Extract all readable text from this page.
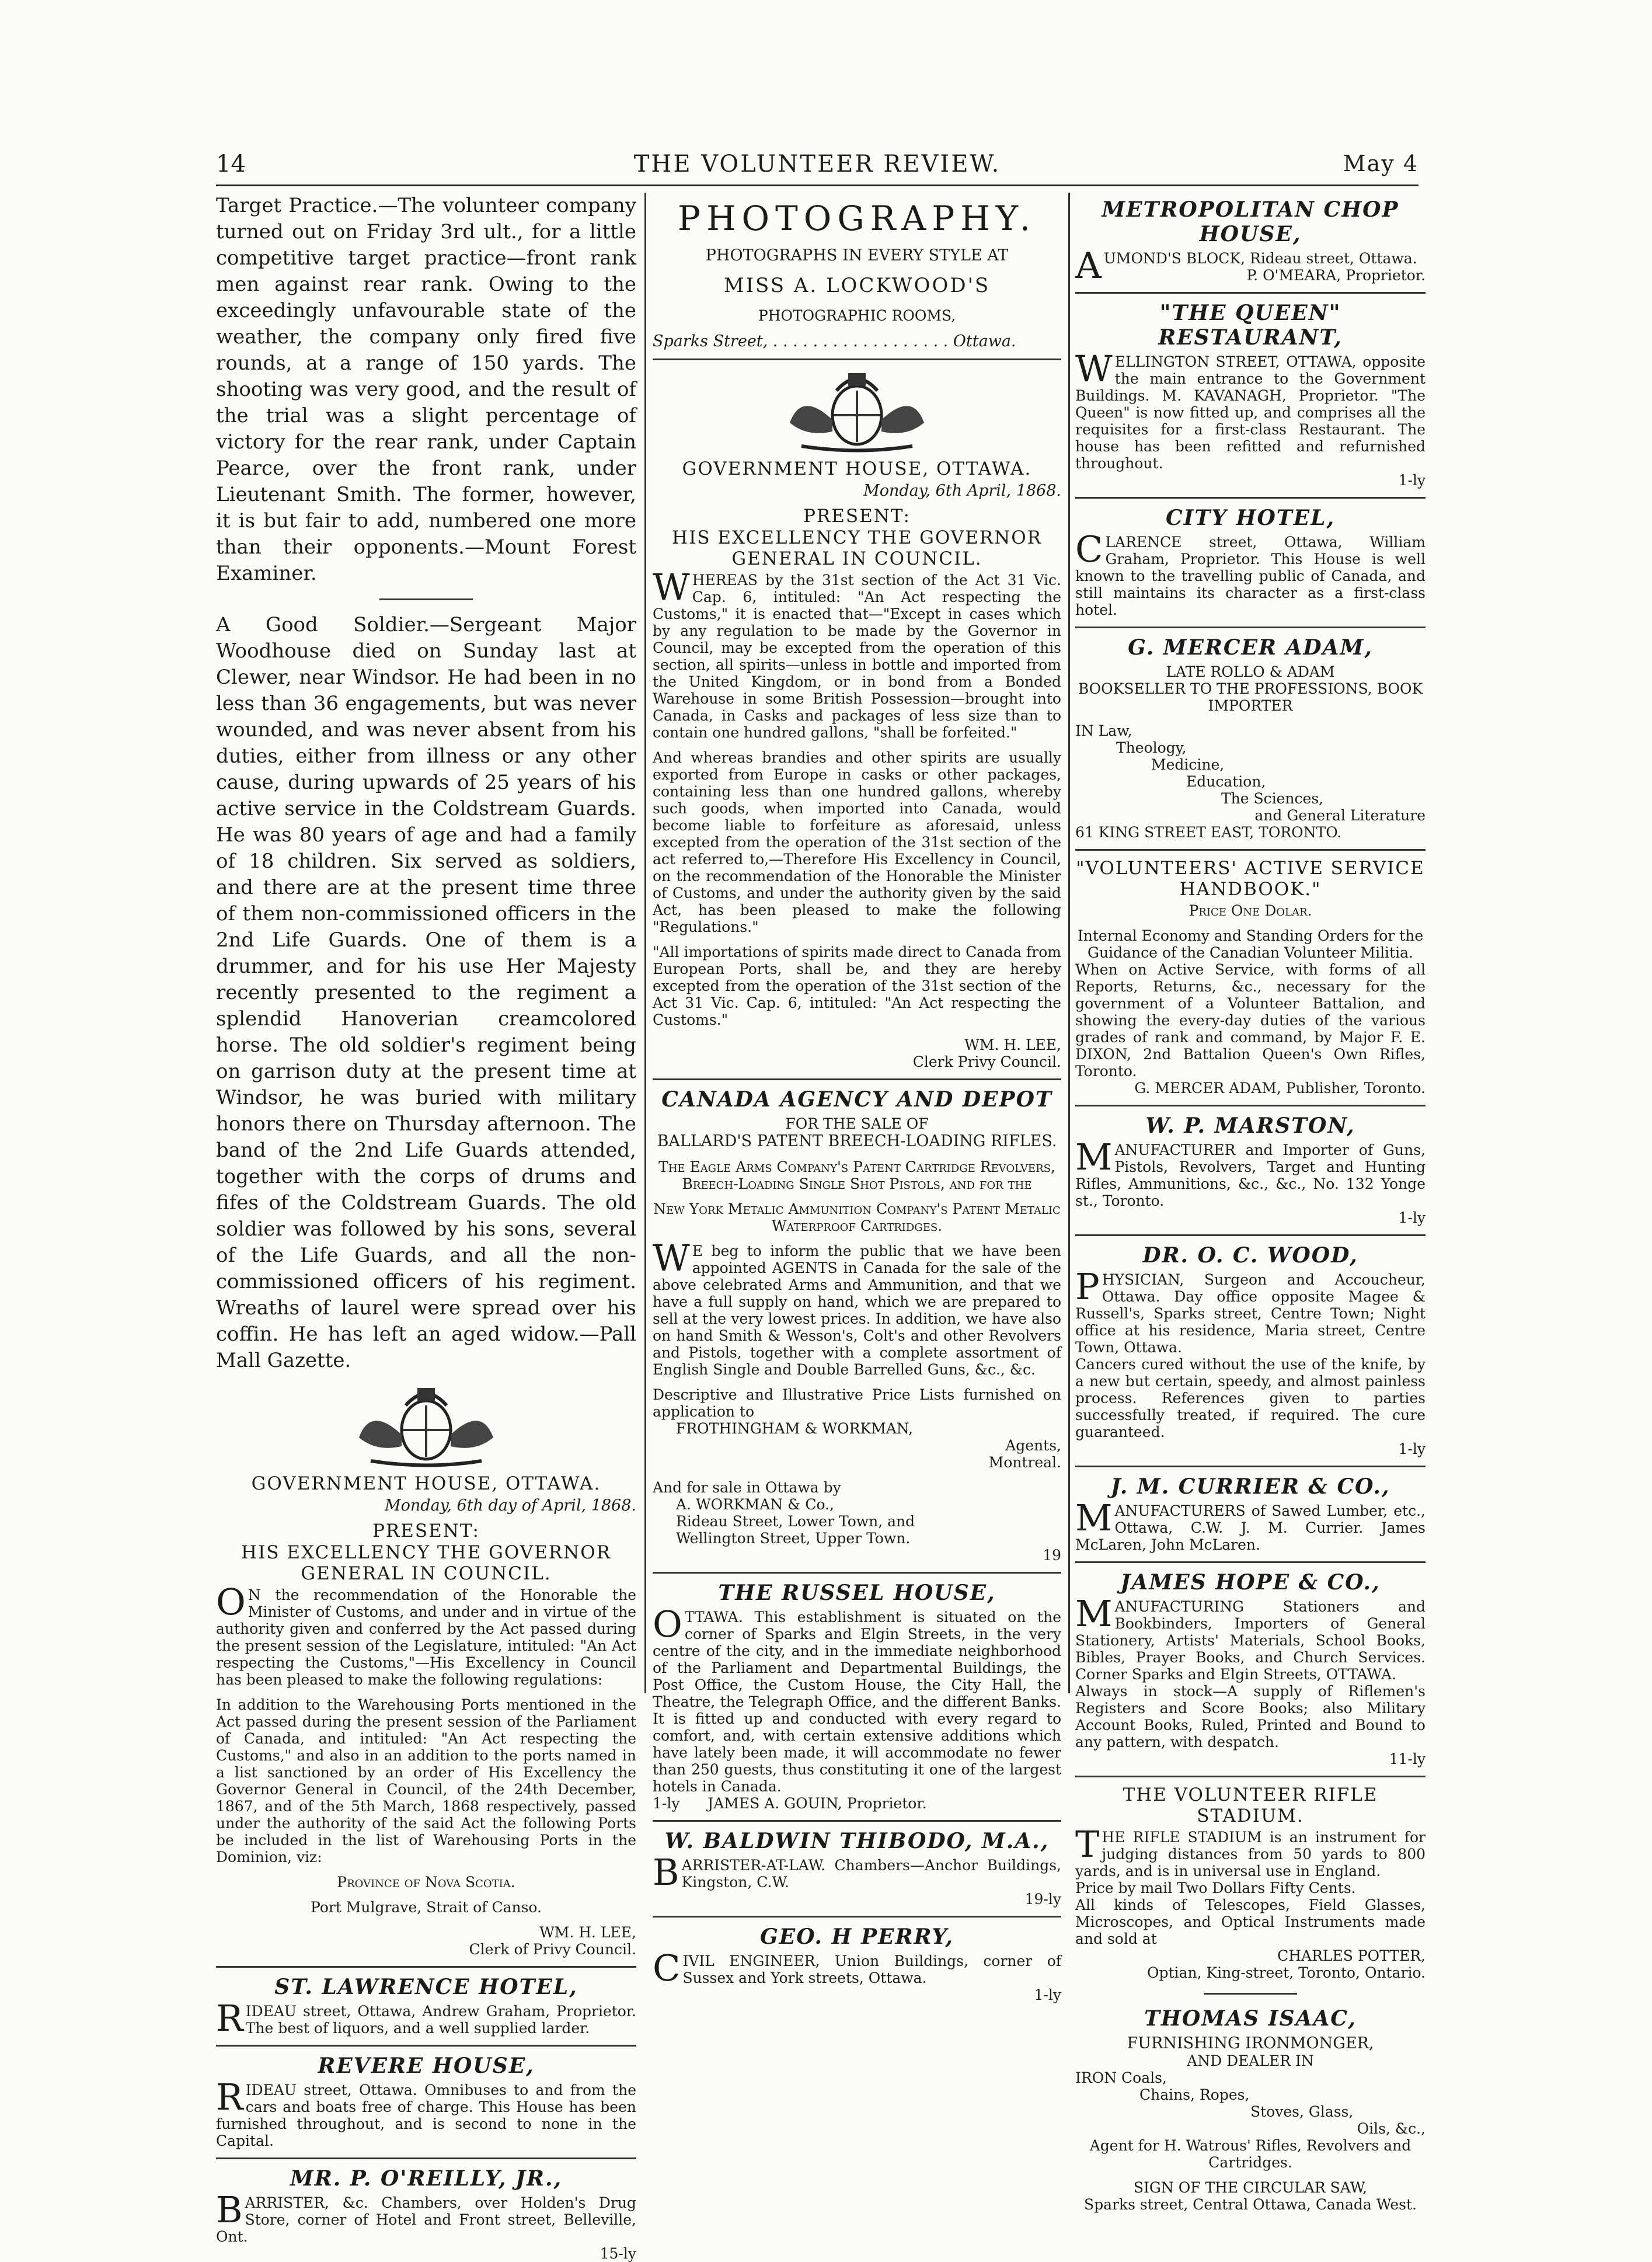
14	THE VOLUNTEER REVIEW.	May 4

Target Practice.—The volunteer company turned out on Friday 3rd ult., for a little competitive target practice—front rank men against rear rank. Owing to the exceedingly unfavourable state of the weather, the company only fired five rounds, at a range of 150 yards. The shooting was very good, and the result of the trial was a slight percentage of victory for the rear rank, under Captain Pearce, over the front rank, under Lieutenant Smith. The former, however, it is but fair to add, numbered one more than their opponents.—Mount Forest Examiner.

A Good Soldier.—Sergeant Major Woodhouse died on Sunday last at Clewer, near Windsor. He had been in no less than 36 engagements, but was never wounded, and was never absent from his duties, either from illness or any other cause, during upwards of 25 years of his active service in the Coldstream Guards. He was 80 years of age and had a family of 18 children. Six served as soldiers, and there are at the present time three of them non-commissioned officers in the 2nd Life Guards. One of them is a drummer, and for his use Her Majesty recently presented to the regiment a splendid Hanoverian creamcolored horse. The old soldier's regiment being on garrison duty at the present time at Windsor, he was buried with military honors there on Thursday afternoon. The band of the 2nd Life Guards attended, together with the corps of drums and fifes of the Coldstream Guards. The old soldier was followed by his sons, several of the Life Guards, and all the non-commissioned officers of his regiment. Wreaths of laurel were spread over his coffin. He has left an aged widow.—Pall Mall Gazette.

GOVERNMENT HOUSE, OTTAWA.

Monday, 6th day of April, 1868.

PRESENT:
HIS EXCELLENCY THE GOVERNOR GENERAL IN COUNCIL.

ON the recommendation of the Honorable the Minister of Customs, and under and in virtue of the authority given and conferred by the Act passed during the present session of the Legislature, intituled: "An Act respecting the Customs,"—His Excellency in Council has been pleased to make the following regulations:

In addition to the Warehousing Ports mentioned in the Act passed during the present session of the Parliament of Canada, and intituled: "An Act respecting the Customs," and also in an addition to the ports named in a list sanctioned by an order of His Excellency the Governor General in Council, of the 24th December, 1867, and of the 5th March, 1868 respectively, passed under the authority of the said Act the following Ports be included in the list of Warehousing Ports in the Dominion, viz:

Province of Nova Scotia.

Port Mulgrave, Strait of Canso.

WM. H. LEE,

Clerk of Privy Council.

ST. LAWRENCE HOTEL,

RIDEAU street, Ottawa, Andrew Graham, Proprietor. The best of liquors, and a well supplied larder.

REVERE HOUSE,

RIDEAU street, Ottawa. Omnibuses to and from the cars and boats free of charge. This House has been furnished throughout, and is second to none in the Capital.

MR. P. O'REILLY, JR.,

BARRISTER, &c. Chambers, over Holden's Drug Store, corner of Hotel and Front street, Belleville, Ont.

15-ly

PHOTOGRAPHY.

PHOTOGRAPHS IN EVERY STYLE AT

MISS A. LOCKWOOD'S

PHOTOGRAPHIC ROOMS,

Sparks Street, . . . . . . . . . . . . . . . . . . Ottawa.

GOVERNMENT HOUSE, OTTAWA.

Monday, 6th April, 1868.

PRESENT:
HIS EXCELLENCY THE GOVERNOR GENERAL IN COUNCIL.

WHEREAS by the 31st section of the Act 31 Vic. Cap. 6, intituled: "An Act respecting the Customs," it is enacted that—"Except in cases which by any regulation to be made by the Governor in Council, may be excepted from the operation of this section, all spirits—unless in bottle and imported from the United Kingdom, or in bond from a Bonded Warehouse in some British Possession—brought into Canada, in Casks and packages of less size than to contain one hundred gallons, "shall be forfeited."

And whereas brandies and other spirits are usually exported from Europe in casks or other packages, containing less than one hundred gallons, whereby such goods, when imported into Canada, would become liable to forfeiture as aforesaid, unless excepted from the operation of the 31st section of the act referred to,—Therefore His Excellency in Council, on the recommendation of the Honorable the Minister of Customs, and under the authority given by the said Act, has been pleased to make the following "Regulations."

"All importations of spirits made direct to Canada from European Ports, shall be, and they are hereby excepted from the operation of the 31st section of the Act 31 Vic. Cap. 6, intituled: "An Act respecting the Customs."

WM. H. LEE,

Clerk Privy Council.

CANADA AGENCY AND DEPOT

FOR THE SALE OF

BALLARD'S PATENT BREECH-LOADING RIFLES.

The Eagle Arms Company's Patent Cartridge Revolvers, Breech-Loading Single Shot Pistols, and for the

New York Metalic Ammunition Company's Patent Metalic Waterproof Cartridges.

WE beg to inform the public that we have been appointed AGENTS in Canada for the sale of the above celebrated Arms and Ammunition, and that we have a full supply on hand, which we are prepared to sell at the very lowest prices. In addition, we have also on hand Smith & Wesson's, Colt's and other Revolvers and Pistols, together with a complete assortment of English Single and Double Barrelled Guns, &c., &c.

Descriptive and Illustrative Price Lists furnished on application to

FROTHINGHAM & WORKMAN,

Agents,

Montreal.

And for sale in Ottawa by

A. WORKMAN & Co.,

Rideau Street, Lower Town, and

Wellington Street, Upper Town.

19

THE RUSSEL HOUSE,

OTTAWA. This establishment is situated on the corner of Sparks and Elgin Streets, in the very centre of the city, and in the immediate neighborhood of the Parliament and Departmental Buildings, the Post Office, the Custom House, the City Hall, the Theatre, the Telegraph Office, and the different Banks. It is fitted up and conducted with every regard to comfort, and, with certain extensive additions which have lately been made, it will accommodate no fewer than 250 guests, thus constituting it one of the largest hotels in Canada.

1-ly JAMES A. GOUIN, Proprietor.

W. BALDWIN THIBODO, M.A.,

BARRISTER-AT-LAW. Chambers—Anchor Buildings, Kingston, C.W.

19-ly

GEO. H PERRY,

CIVIL ENGINEER, Union Buildings, corner of Sussex and York streets, Ottawa.

1-ly

METROPOLITAN CHOP HOUSE,

AUMOND'S BLOCK, Rideau street, Ottawa.

P. O'MEARA, Proprietor.

"THE QUEEN" RESTAURANT,

WELLINGTON STREET, OTTAWA, opposite the main entrance to the Government Buildings. M. KAVANAGH, Proprietor. "The Queen" is now fitted up, and comprises all the requisites for a first-class Restaurant. The house has been refitted and refurnished throughout.

1-ly

CITY HOTEL,

CLARENCE street, Ottawa, William Graham, Proprietor. This House is well known to the travelling public of Canada, and still maintains its character as a first-class hotel.

G. MERCER ADAM,

LATE ROLLO & ADAM

BOOKSELLER TO THE PROFESSIONS, BOOK IMPORTER

IN Law,

Theology,

Medicine,

Education,

The Sciences,

and General Literature

61 KING STREET EAST, TORONTO.

"VOLUNTEERS' ACTIVE SERVICE HANDBOOK."

Price One Dolar.

Internal Economy and Standing Orders for the Guidance of the Canadian Volunteer Militia.

When on Active Service, with forms of all Reports, Returns, &c., necessary for the government of a Volunteer Battalion, and showing the every-day duties of the various grades of rank and command, by Major F. E. DIXON, 2nd Battalion Queen's Own Rifles, Toronto.

G. MERCER ADAM, Publisher, Toronto.

W. P. MARSTON,

MANUFACTURER and Importer of Guns, Pistols, Revolvers, Target and Hunting Rifles, Ammunitions, &c., &c., No. 132 Yonge st., Toronto.

1-ly

DR. O. C. WOOD,

PHYSICIAN, Surgeon and Accoucheur, Ottawa. Day office opposite Magee & Russell's, Sparks street, Centre Town; Night office at his residence, Maria street, Centre Town, Ottawa.

Cancers cured without the use of the knife, by a new but certain, speedy, and almost painless process. References given to parties successfully treated, if required. The cure guaranteed.

1-ly

J. M. CURRIER & CO.,

MANUFACTURERS of Sawed Lumber, etc., Ottawa, C.W. J. M. Currier. James McLaren, John McLaren.

JAMES HOPE & CO.,

MANUFACTURING Stationers and Bookbinders, Importers of General Stationery, Artists' Materials, School Books, Bibles, Prayer Books, and Church Services. Corner Sparks and Elgin Streets, OTTAWA.

Always in stock—A supply of Riflemen's Registers and Score Books; also Military Account Books, Ruled, Printed and Bound to any pattern, with despatch.

11-ly

THE VOLUNTEER RIFLE STADIUM.

THE RIFLE STADIUM is an instrument for judging distances from 50 yards to 800 yards, and is in universal use in England.

Price by mail Two Dollars Fifty Cents.

All kinds of Telescopes, Field Glasses, Microscopes, and Optical Instruments made and sold at

CHARLES POTTER,

Optian, King-street, Toronto, Ontario.

THOMAS ISAAC,

FURNISHING IRONMONGER,

AND DEALER IN

IRON Coals,

Chains, Ropes,

Stoves, Glass,

Oils, &c.,

Agent for H. Watrous' Rifles, Revolvers and Cartridges.

SIGN OF THE CIRCULAR SAW,

Sparks street, Central Ottawa, Canada West.
